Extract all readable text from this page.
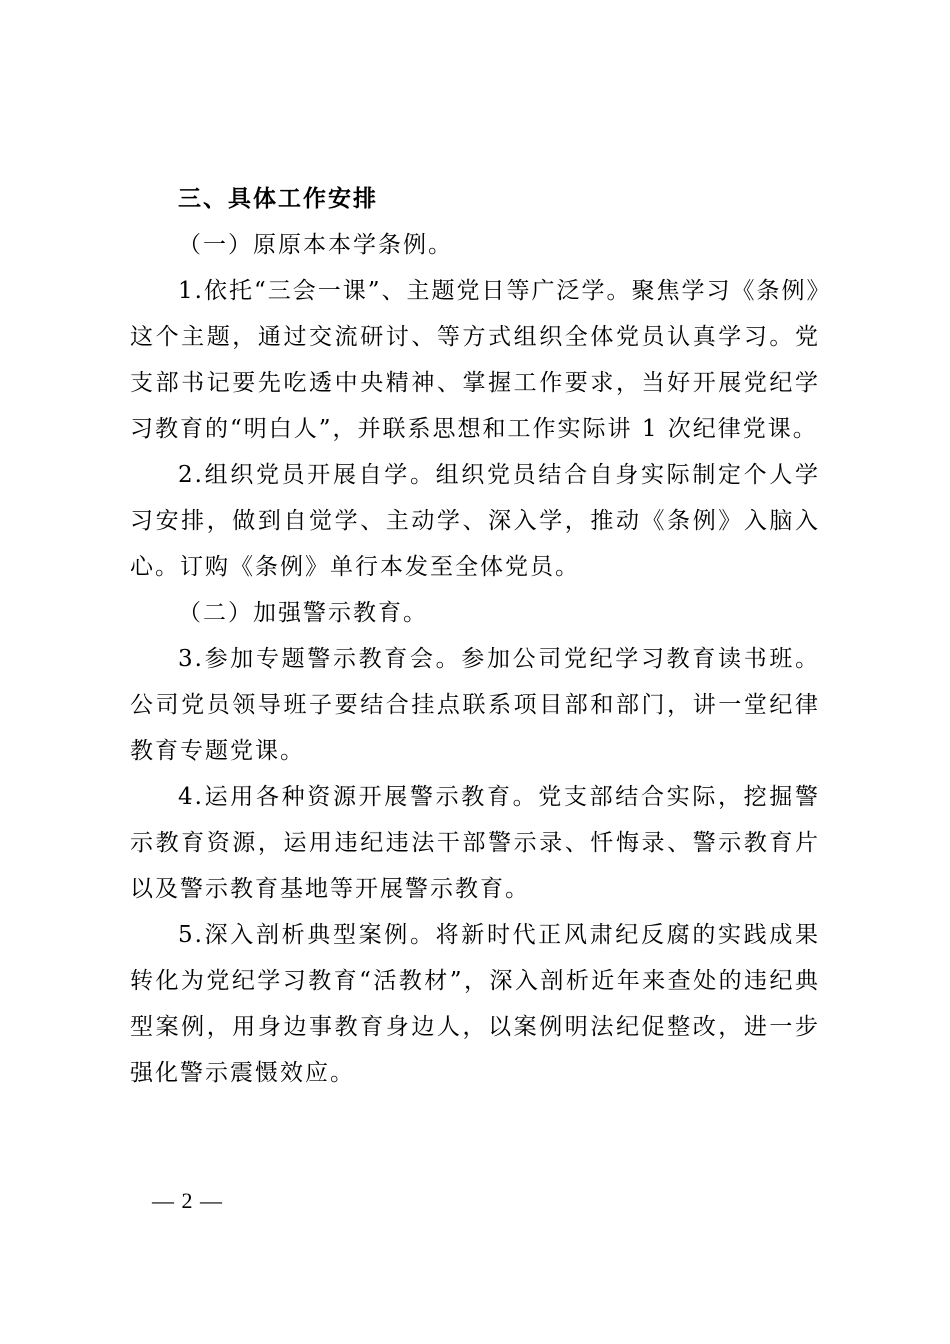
三、具体工作安排

（一）原原本本学条例。

1.依托“三会一课”、主题党日等广泛学。聚焦学习《条例》这个主题，通过交流研讨、等方式组织全体党员认真学习。党支部书记要先吃透中央精神、掌握工作要求，当好开展党纪学习教育的“明白人”，并联系思想和工作实际讲 1 次纪律党课。

2.组织党员开展自学。组织党员结合自身实际制定个人学习安排，做到自觉学、主动学、深入学，推动《条例》入脑入心。订购《条例》单行本发至全体党员。

（二）加强警示教育。

3.参加专题警示教育会。参加公司党纪学习教育读书班。公司党员领导班子要结合挂点联系项目部和部门，讲一堂纪律教育专题党课。

4.运用各种资源开展警示教育。党支部结合实际，挖掘警示教育资源，运用违纪违法干部警示录、忏悔录、警示教育片以及警示教育基地等开展警示教育。

5.深入剖析典型案例。将新时代正风肃纪反腐的实践成果转化为党纪学习教育“活教材”，深入剖析近年来查处的违纪典型案例，用身边事教育身边人，以案例明法纪促整改，进一步强化警示震慑效应。

— 2 —
